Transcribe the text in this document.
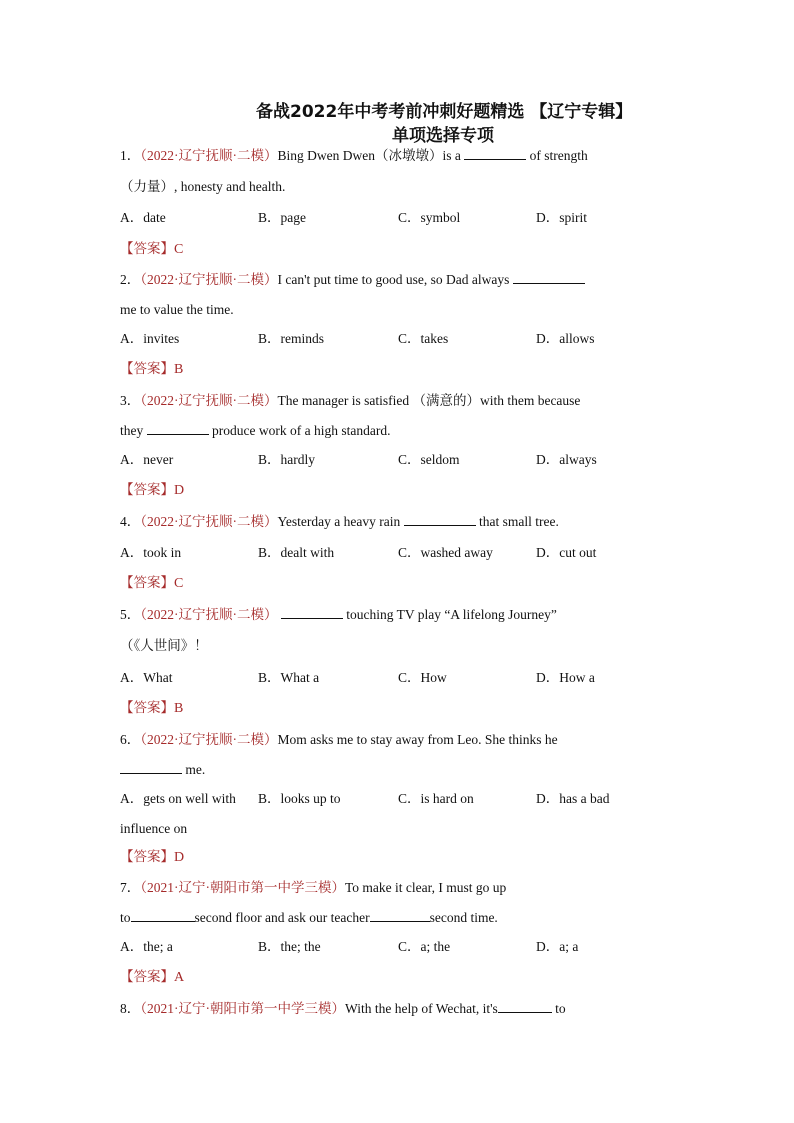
备战2022年中考考前冲刺好题精选 【辽宁专辑】
单项选择专项
1．（2022·辽宁抚顺·二模）Bing Dwen Dwen（冰墩墩）is a	of strength
（力量）, honesty and health.
A．date	B．page	C．symbol	D．spirit
【答案】C
2．（2022·辽宁抚顺·二模）I can't put time to good use, so Dad always
me to value the time.
A．invites	B．reminds	C．takes	D．allows
【答案】B
3．（2022·辽宁抚顺·二模）The manager is satisfied （满意的）with them because
they	produce work of a high standard.
A．never	B．hardly	C．seldom	D．always
【答案】D
4．（2022·辽宁抚顺·二模）Yesterday a heavy rain	that small tree.
A．took in	B．dealt with	C．washed away	D．cut out
【答案】C
5．（2022·辽宁抚顺·二模）	touching TV play “A lifelong Journey”
（《人世间》！
A．What	B．What a	C．How	D．How a
【答案】B
6．（2022·辽宁抚顺·二模）Mom asks me to stay away from Leo. She thinks he
me.
A．gets on well with B．looks up to	C．is hard on	D．has a bad
influence on
【答案】D
7．（2021·辽宁·朝阳市第一中学三模）To make it clear, I must go up
to	second floor and ask our teacher	second time.
A．the; a	B．the; the	C．a; the	D．a; a
【答案】A
8．（2021·辽宁·朝阳市第一中学三模）With the help of Wechat, it's	to
